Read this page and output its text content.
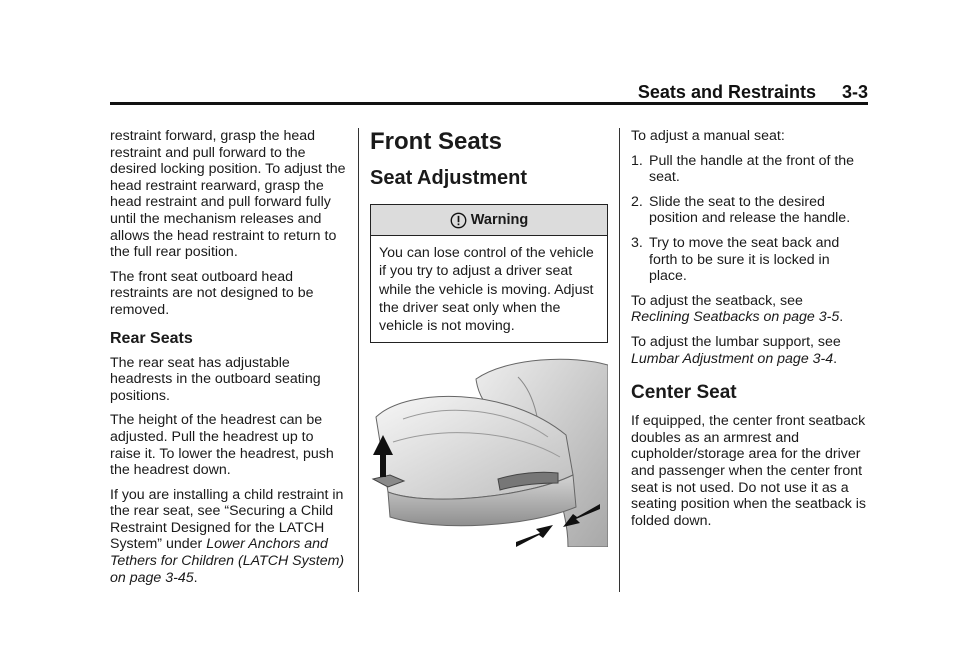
Seats and Restraints 3-3

restraint forward, grasp the head restraint and pull forward to the desired locking position. To adjust the head restraint rearward, grasp the head restraint and pull forward fully until the mechanism releases and allows the head restraint to return to the full rear position.

The front seat outboard head restraints are not designed to be removed.

Rear Seats

The rear seat has adjustable headrests in the outboard seating positions.

The height of the headrest can be adjusted. Pull the headrest up to raise it. To lower the headrest, push the headrest down.

If you are installing a child restraint in the rear seat, see “Securing a Child Restraint Designed for the LATCH System” under Lower Anchors and Tethers for Children (LATCH System) on page 3‑45.

Front Seats
Seat Adjustment
Warning
You can lose control of the vehicle if you try to adjust a driver seat while the vehicle is moving. Adjust the driver seat only when the vehicle is not moving.

To adjust a manual seat:

1. Pull the handle at the front of the seat.
2. Slide the seat to the desired position and release the handle.
3. Try to move the seat back and forth to be sure it is locked in place.

To adjust the seatback, see
Reclining Seatbacks on page 3‑5.

To adjust the lumbar support, see
Lumbar Adjustment on page 3‑4.

Center Seat

If equipped, the center front seatback doubles as an armrest and cupholder/storage area for the driver and passenger when the center front seat is not used. Do not use it as a seating position when the seatback is folded down.
